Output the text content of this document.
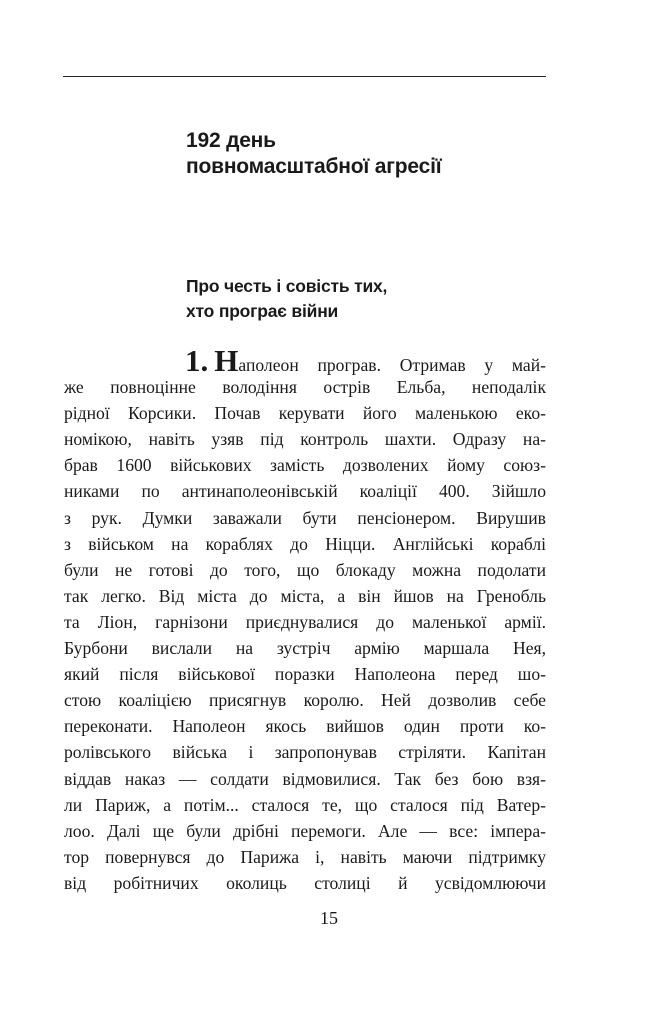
192 день
повномасштабної агресії
Про честь і совість тих,
хто програє війни
1. Н аполеон програв. Отримав у май-
же повноцінне володіння острів Ельба, неподалік
рідної Корсики. Почав керувати його маленькою еко-
номікою, навіть узяв під контроль шахти. Одразу на-
брав 1600 військових замість дозволених йому союз-
никами по антинаполеонівській коаліції 400. Зійшло
з рук. Думки заважали бути пенсіонером. Вирушив
з військом на кораблях до Ніцци. Англійські кораблі
були не готові до того, що блокаду можна подолати
так легко. Від міста до міста, а він йшов на Гренобль
та Ліон, гарнізони приєднувалися до маленької армії.
Бурбони вислали на зустріч армію маршала Нея,
який після військової поразки Наполеона перед шо-
стою коаліцією присягнув королю. Ней дозволив себе
переконати. Наполеон якось вийшов один проти ко-
ролівського війська і запропонував стріляти. Капітан
віддав наказ — солдати відмовилися. Так без бою взя-
ли Париж, а потім... сталося те, що сталося під Ватер-
лоо. Далі ще були дрібні перемоги. Але — все: імпера-
тор повернувся до Парижа і, навіть маючи підтримку
від робітничих околиць столиці й усвідомлюючи
15
